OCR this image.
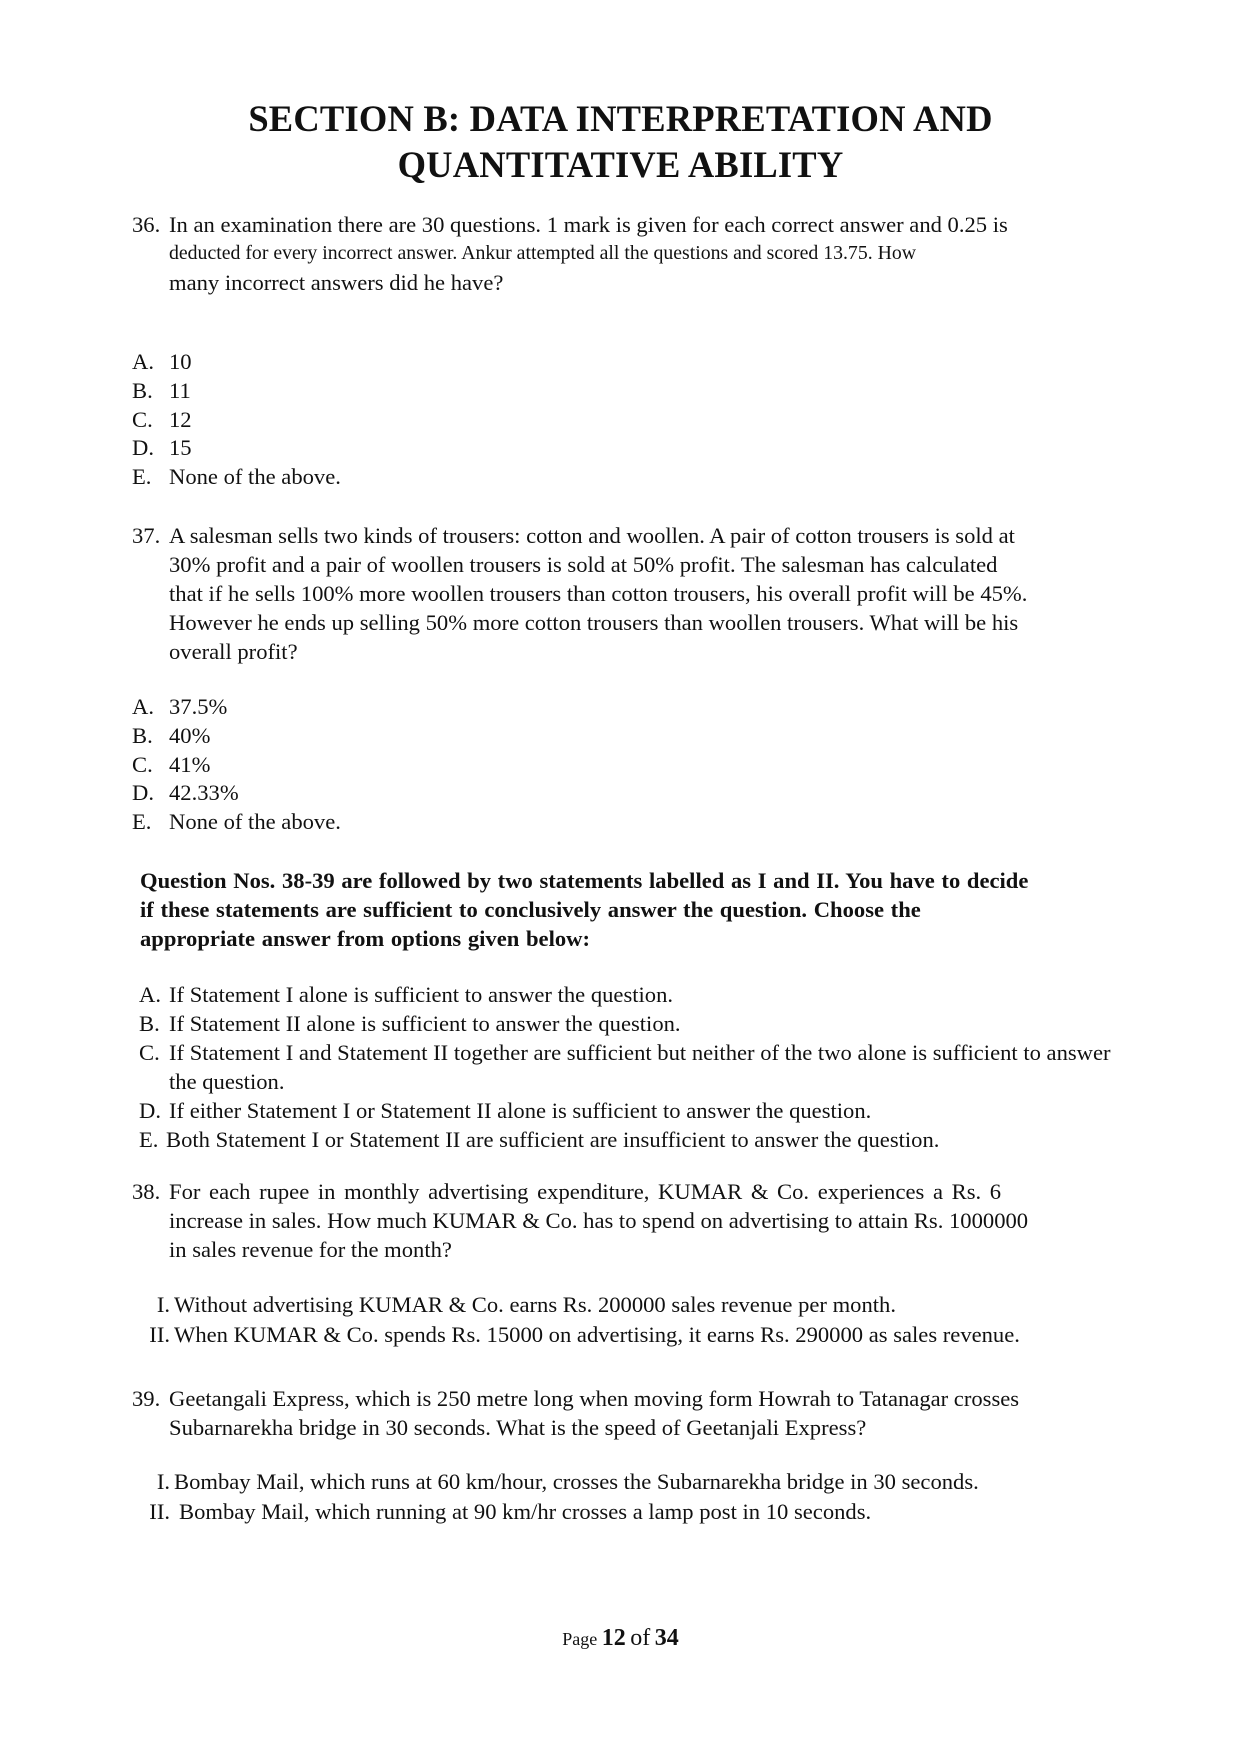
SECTION B: DATA INTERPRETATION AND
QUANTITATIVE ABILITY
36. In an examination there are 30 questions. 1 mark is given for each correct answer and 0.25 is
deducted for every incorrect answer. Ankur attempted all the questions and scored 13.75. How
many incorrect answers did he have?
A. 10
B. 11
C. 12
D. 15
E. None of the above.
37. A salesman sells two kinds of trousers: cotton and woollen. A pair of cotton trousers is sold at
30% profit and a pair of woollen trousers is sold at 50% profit. The salesman has calculated
that if he sells 100% more woollen trousers than cotton trousers, his overall profit will be 45%.
However he ends up selling 50% more cotton trousers than woollen trousers. What will be his
overall profit?
A. 37.5%
B. 40%
C. 41%
D. 42.33%
E. None of the above.
Question Nos. 38-39 are followed by two statements labelled as I and II. You have to decide
if these statements are sufficient to conclusively answer the question. Choose the
appropriate answer from options given below:
A. If Statement I alone is sufficient to answer the question.
B. If Statement II alone is sufficient to answer the question.
C. If Statement I and Statement II together are sufficient but neither of the two alone is sufficient to answer the question.
D. If either Statement I or Statement II alone is sufficient to answer the question.
E. Both Statement I or Statement II are sufficient are insufficient to answer the question.
38. For each rupee in monthly advertising expenditure, KUMAR & Co. experiences a Rs. 6
increase in sales. How much KUMAR & Co. has to spend on advertising to attain Rs. 1000000
in sales revenue for the month?
I. Without advertising KUMAR & Co. earns Rs. 200000 sales revenue per month.
II. When KUMAR & Co. spends Rs. 15000 on advertising, it earns Rs. 290000 as sales revenue.
39. Geetangali Express, which is 250 metre long when moving form Howrah to Tatanagar crosses
Subarnarekha bridge in 30 seconds. What is the speed of Geetanjali Express?
I. Bombay Mail, which runs at 60 km/hour, crosses the Subarnarekha bridge in 30 seconds.
II. Bombay Mail, which running at 90 km/hr crosses a lamp post in 10 seconds.
Page 12 of 34
